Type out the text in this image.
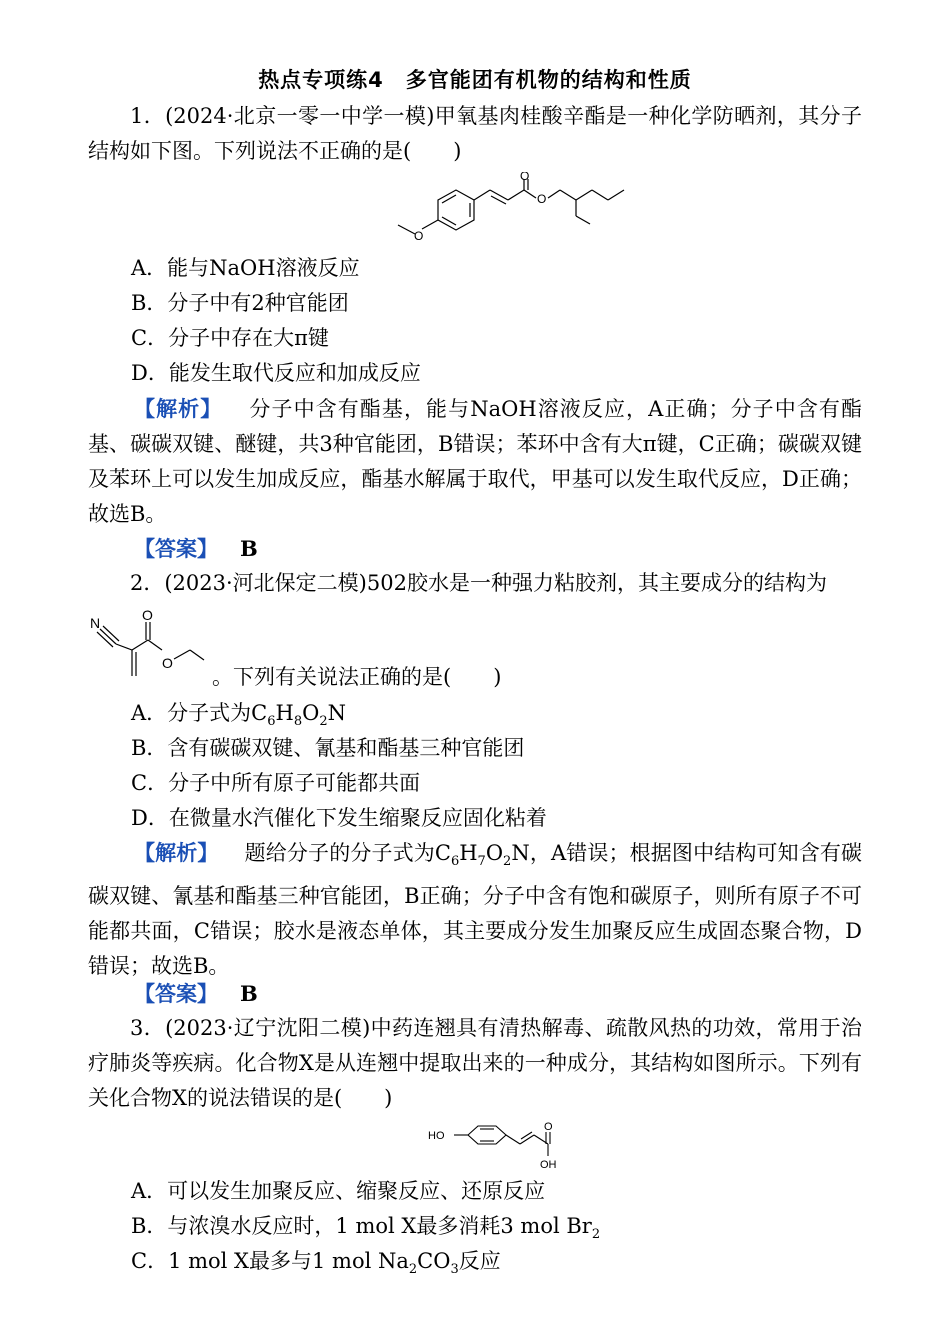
热点专项练4　多官能团有机物的结构和性质
1．(2024·北京一零一中学一模)甲氧基肉桂酸辛酯是一种化学防晒剂，其分子结构如下图。下列说法不正确的是(　　)
O
O
O
A．能与NaOH溶液反应
B．分子中有2种官能团
C．分子中存在大π键
D．能发生取代反应和加成反应
【解析】 分子中含有酯基，能与NaOH溶液反应，A正确；分子中含有酯基、碳碳双键、醚键，共3种官能团，B错误；苯环中含有大π键，C正确；碳碳双键及苯环上可以发生加成反应，酯基水解属于取代，甲基可以发生取代反应，D正确；故选B。
【答案】 B
2．(2023·河北保定二模)502胶水是一种强力粘胶剂，其主要成分的结构为
N	O
O
。下列有关说法正确的是(　　)
A．分子式为$C_6H_8O_2N$
B．含有碳碳双键、氰基和酯基三种官能团
C．分子中所有原子可能都共面
D．在微量水汽催化下发生缩聚反应固化粘着
【解析】 题给分子的分子式为$C_6H_7O_2N$，A错误；根据图中结构可知含有碳碳双键、氰基和酯基三种官能团，B正确；分子中含有饱和碳原子，则所有原子不可能都共面，C错误；胶水是液态单体，其主要成分发生加聚反应生成固态聚合物，D错误；故选B。
【答案】 B
3．(2023·辽宁沈阳二模)中药连翘具有清热解毒、疏散风热的功效，常用于治疗肺炎等疾病。化合物X是从连翘中提取出来的一种成分，其结构如图所示。下列有关化合物X的说法错误的是(　　)
HO
O
OH
A．可以发生加聚反应、缩聚反应、还原反应
B．与浓溴水反应时，1 mol X最多消耗3 mol $Br_2$
C．1 mol X最多与1 mol $Na_2CO_3$反应
